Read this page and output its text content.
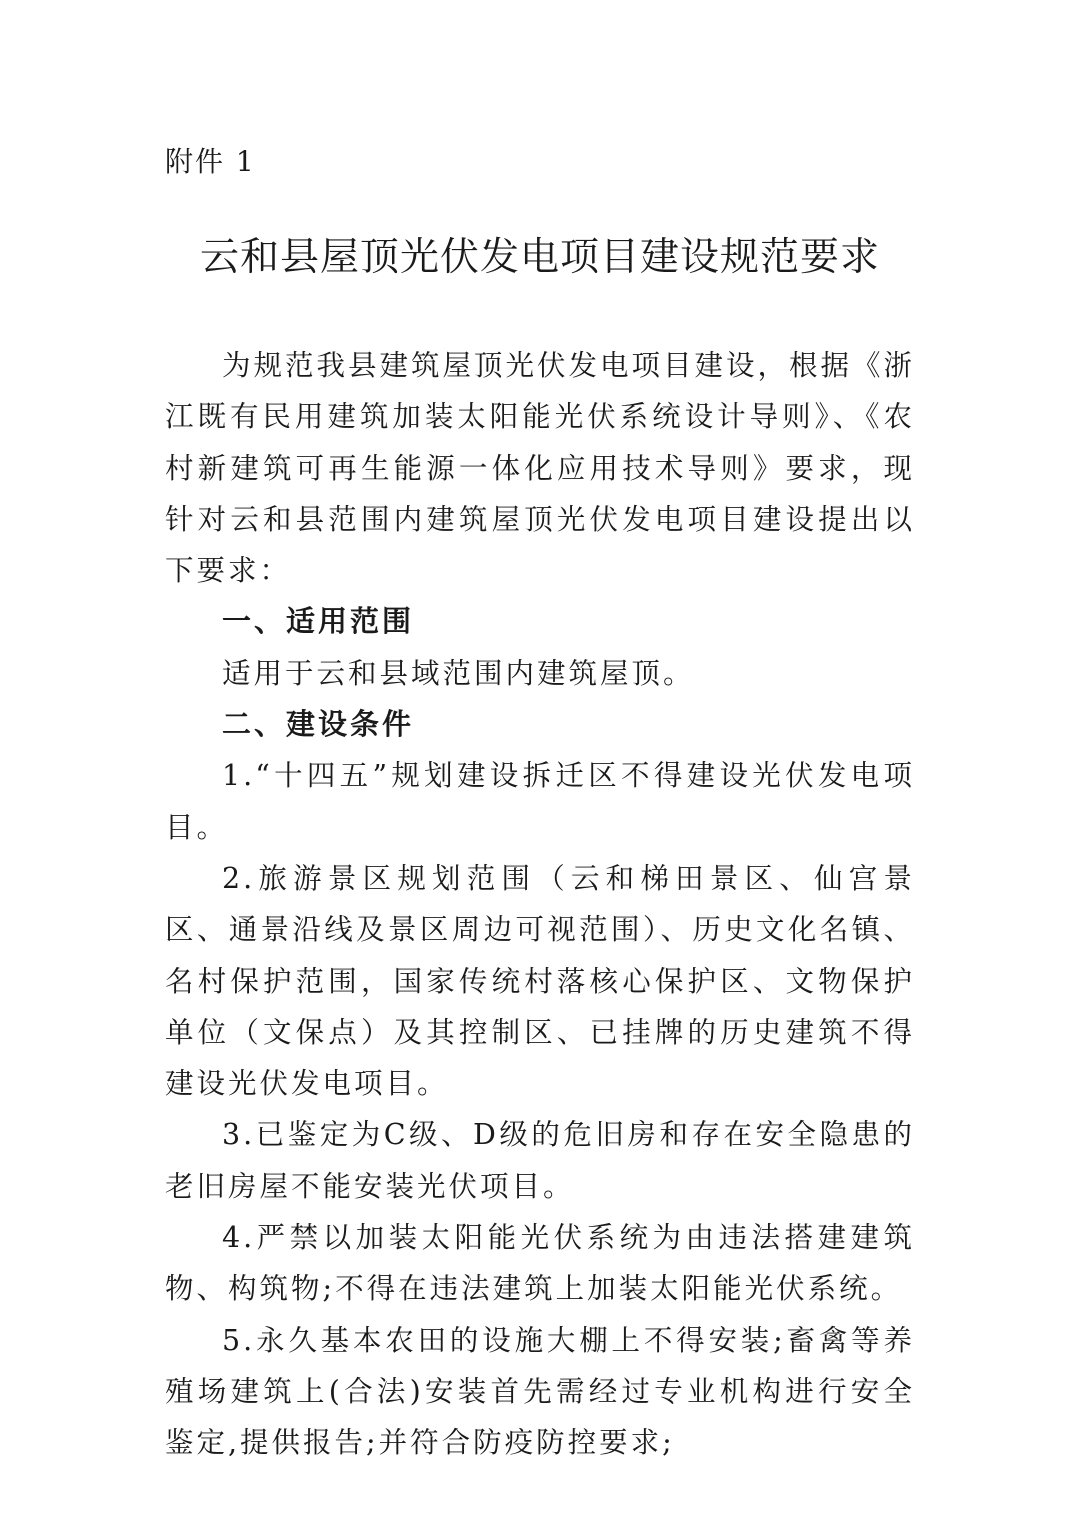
附件 1
云和县屋顶光伏发电项目建设规范要求

为规范我县建筑屋顶光伏发电项目建设，根据《浙江既有民用建筑加装太阳能光伏系统设计导则》、《农村新建筑可再生能源一体化应用技术导则》要求，现针对云和县范围内建筑屋顶光伏发电项目建设提出以下要求：

一、适用范围

适用于云和县域范围内建筑屋顶。

二、建设条件

1.“十四五”规划建设拆迁区不得建设光伏发电项目。

2.旅游景区规划范围（云和梯田景区、仙宫景区、通景沿线及景区周边可视范围）、历史文化名镇、名村保护范围，国家传统村落核心保护区、文物保护单位（文保点）及其控制区、已挂牌的历史建筑不得建设光伏发电项目。

3.已鉴定为C级、D级的危旧房和存在安全隐患的老旧房屋不能安装光伏项目。

4.严禁以加装太阳能光伏系统为由违法搭建建筑物、构筑物;不得在违法建筑上加装太阳能光伏系统。

5.永久基本农田的设施大棚上不得安装;畜禽等养殖场建筑上(合法)安装首先需经过专业机构进行安全鉴定,提供报告;并符合防疫防控要求;
